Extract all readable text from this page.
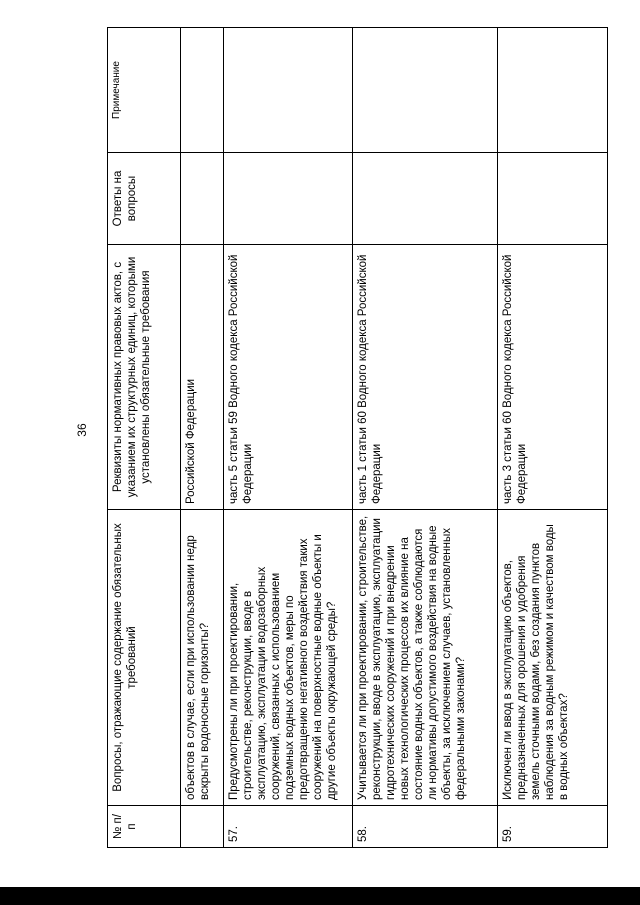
36
№ п/п	Вопросы, отражающие содержание обязательных требований	Реквизиты нормативных правовых актов, с указанием их структурных единиц, которыми установлены обязательные требования	Ответы на вопросы	Примечание
	объектов в случае, если при использовании недр вскрыты водоносные горизонты?	Российской Федерации		
57.	Предусмотрены ли при проектировании, строительстве, реконструкции, вводе в эксплуатацию, эксплуатации водозаборных сооружений, связанных с использованием подземных водных объектов, меры по предотвращению негативного воздействия таких сооружений на поверхностные водные объекты и другие объекты окружающей среды?	часть 5 статьи 59 Водного кодекса Российской Федерации		
58.	Учитывается ли при проектировании, строительстве, реконструкции, вводе в эксплуатацию, эксплуатации гидротехнических сооружений и при внедрении новых технологических процессов их влияние на состояние водных объектов, а также соблюдаются ли нормативы допустимого воздействия на водные объекты, за исключением случаев, установленных федеральными законами?	часть 1 статьи 60 Водного кодекса Российской Федерации		
59.	Исключен ли ввод в эксплуатацию объектов, предназначенных для орошения и удобрения земель сточными водами, без создания пунктов наблюдения за водным режимом и качеством воды в водных объектах?	часть 3 статьи 60 Водного кодекса Российской Федерации		
